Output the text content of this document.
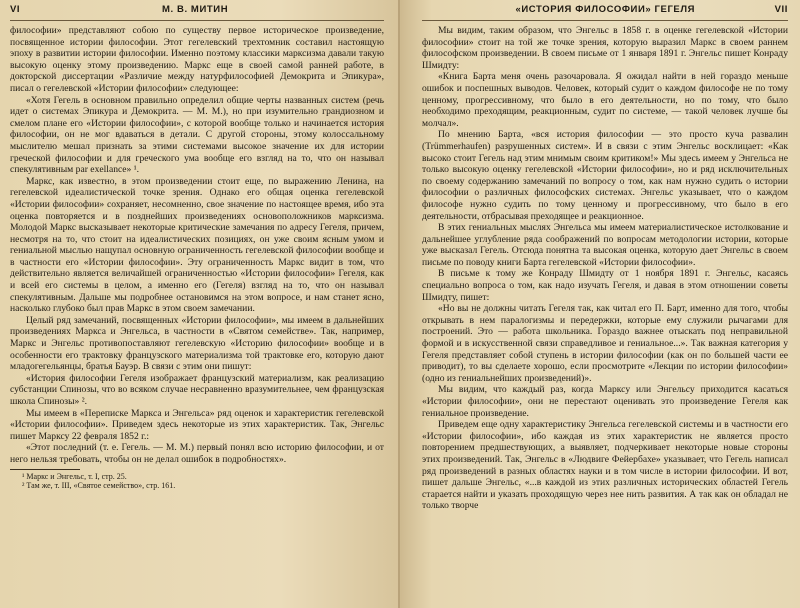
VI	М. В. МИТИН

философии» представляют собою по существу первое историческое произведение, посвященное истории философии. Этот гегелевский трехтомник составил настоящую эпоху в развитии истории философии. Именно поэтому классики марксизма давали такую высокую оценку этому произведению. Маркс еще в своей самой ранней работе, в докторской диссертации «Различие между натурфилософией Демокрита и Эпикура», писал о гегелевской «Истории философии» следующее:

«Хотя Гегель в основном правильно определил общие черты названных систем (речь идет о системах Эпикура и Демокрита. — М. М.), но при изумительно грандиозном и смелом плане его «Истории философии», с которой вообще только и начинается история философии, он не мог вдаваться в детали. С другой стороны, этому колоссальному мыслителю мешал признать за этими системами высокое значение их для истории греческой философии и для греческого ума вообще его взгляд на то, что он называл спекулятивным par exellance» ¹.

Маркс, как известно, в этом произведении стоит еще, по выражению Ленина, на гегелевской идеалистической точке зрения. Однако его общая оценка гегелевской «Истории философии» сохраняет, несомненно, свое значение по настоящее время, ибо эта оценка повторяется и в позднейших произведениях основоположников марксизма. Молодой Маркс высказывает некоторые критические замечания по адресу Гегеля, причем, несмотря на то, что стоит на идеалистических позициях, он уже своим ясным умом и гениальной мыслью нащупал основную ограниченность гегелевской философии вообще и в частности его «Истории философии». Эту ограниченность Маркс видит в том, что действительно является величайшей ограниченностью «Истории философии» Гегеля, как и всей его системы в целом, а именно его (Гегеля) взгляд на то, что он называл спекулятивным. Дальше мы подробнее остановимся на этом вопросе, и нам станет ясно, насколько глубоко был прав Маркс в этом своем замечании.

Целый ряд замечаний, посвященных «Истории философии», мы имеем в дальнейших произведениях Маркса и Энгельса, в частности в «Святом семействе». Так, например, Маркс и Энгельс противопоставляют гегелевскую «Историю философии» вообще и в особенности его трактовку французского материализма той трактовке его, которую дают младогегельянцы, братья Бауэр. В связи с этим они пишут:

«История философии Гегеля изображает французский материализм, как реализацию субстанции Спинозы, что во всяком случае несравненно вразумительнее, чем французская школа Спинозы» ².

Мы имеем в «Переписке Маркса и Энгельса» ряд оценок и характеристик гегелевской «Истории философии». Приведем здесь некоторые из этих характеристик. Так, Энгельс пишет Марксу 22 февраля 1852 г.:

«Этот последний (т. е. Гегель. — М. М.) первый понял всю историю философии, и от него нельзя требовать, чтобы он не делал ошибок в подробностях».

¹ Маркс и Энгельс, т. I, стр. 25.

² Там же, т. III, «Святое семейство», стр. 161.

«ИСТОРИЯ ФИЛОСОФИИ» ГЕГЕЛЯ	VII

Мы видим, таким образом, что Энгельс в 1858 г. в оценке гегелевской «Истории философии» стоит на той же точке зрения, которую выразил Маркс в своем раннем философском произведении. В своем письме от 1 января 1891 г. Энгельс пишет Конраду Шмидту:

«Книга Барта меня очень разочаровала. Я ожидал найти в ней гораздо меньше ошибок и поспешных выводов. Человек, который судит о каждом философе не по тому ценному, прогрессивному, что было в его деятельности, но по тому, что было необходимо преходящим, реакционным, судит по системе, — такой человек лучше бы молчал».

По мнению Барта, «вся история философии — это просто куча развалин (Trümmerhaufen) разрушенных систем». И в связи с этим Энгельс восклицает: «Как высоко стоит Гегель над этим мнимым своим критиком!» Мы здесь имеем у Энгельса не только высокую оценку гегелевской «Истории философии», но и ряд исключительных по своему содержанию замечаний по вопросу о том, как нам нужно судить о истории философии о различных философских системах. Энгельс указывает, что о каждом философе нужно судить по тому ценному и прогрессивному, что было в его деятельности, отбрасывая преходящее и реакционное.

В этих гениальных мыслях Энгельса мы имеем материалистическое истолкование и дальнейшее углубление ряда соображений по вопросам методологии истории, которые уже высказал Гегель. Отсюда понятна та высокая оценка, которую дает Энгельс в своем письме по поводу книги Барта гегелевской «Истории философии».

В письме к тому же Конраду Шмидту от 1 ноября 1891 г. Энгельс, касаясь специально вопроса о том, как надо изучать Гегеля, и давая в этом отношении советы Шмидту, пишет:

«Но вы не должны читать Гегеля так, как читал его П. Барт, именно для того, чтобы открывать в нем паралогизмы и передержки, которые ему служили рычагами для построений. Это — работа школьника. Гораздо важнее отыскать под неправильной формой и в искусственной связи справедливое и гениальное...». Так важная категория у Гегеля представляет собой ступень в истории философии (как он по большей части ее приводит), то вы сделаете хорошо, если просмотрите «Лекции по истории философии» (одно из гениальнейших произведений)».

Мы видим, что каждый раз, когда Марксу или Энгельсу приходится касаться «Истории философии», они не перестают оценивать это произведение Гегеля как гениальное произведение.

Приведем еще одну характеристику Энгельса гегелевской системы и в частности его «Истории философии», ибо каждая из этих характеристик не является просто повторением предшествующих, а выявляет, подчеркивает некоторые новые стороны этих произведений. Так, Энгельс в «Людвиге Фейербахе» указывает, что Гегель написал ряд произведений в разных областях науки и в том числе в истории философии. И вот, пишет дальше Энгельс, «...в каждой из этих различных исторических областей Гегель старается найти и указать проходящую через нее нить развития. А так как он обладал не только творче
